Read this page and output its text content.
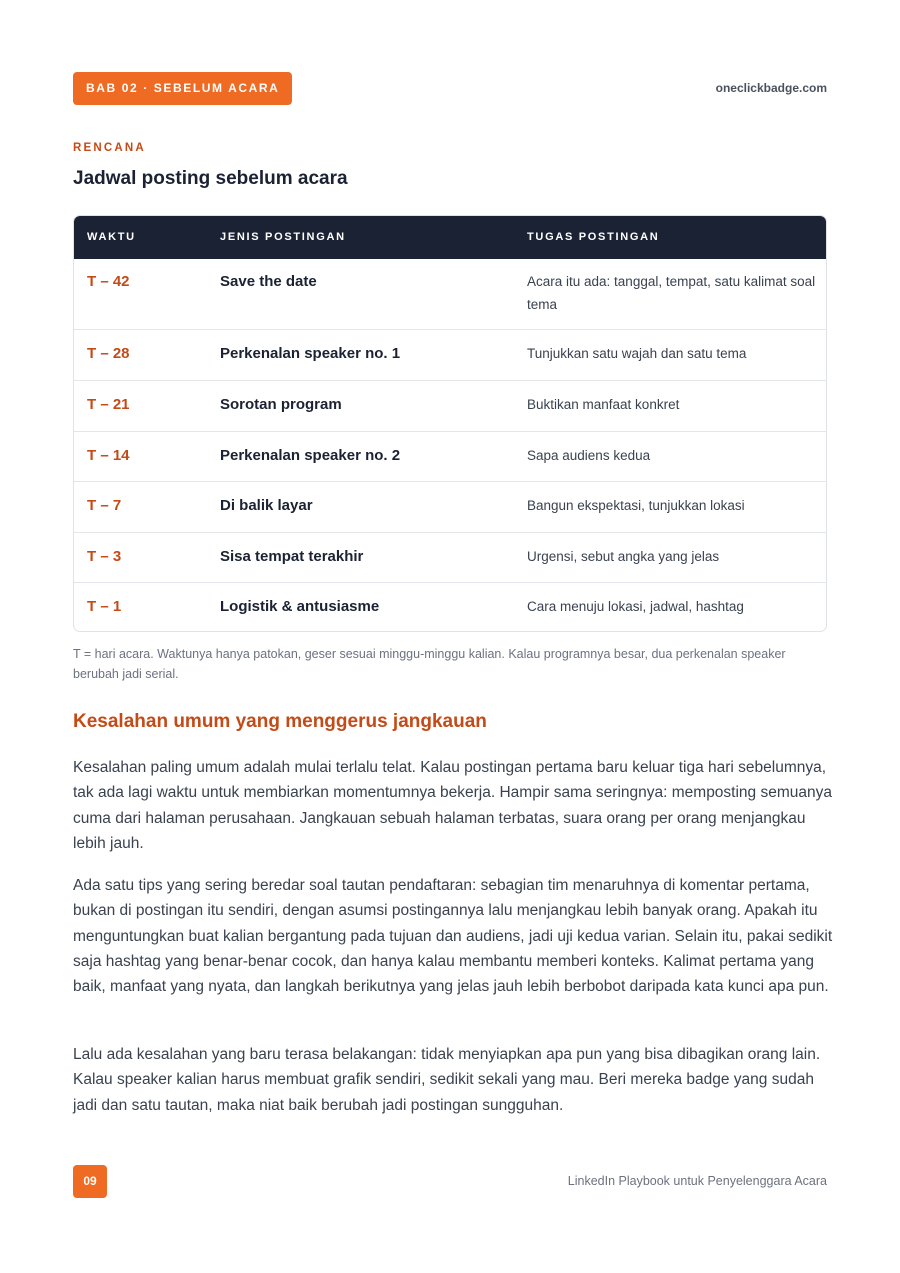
BAB 02 · SEBELUM ACARA	oneclickbadge.com
RENCANA
Jadwal posting sebelum acara
WAKTU	JENIS POSTINGAN	TUGAS POSTINGAN
T – 42	Save the date	Acara itu ada: tanggal, tempat, satu kalimat soal tema
T – 28	Perkenalan speaker no. 1	Tunjukkan satu wajah dan satu tema
T – 21	Sorotan program	Buktikan manfaat konkret
T – 14	Perkenalan speaker no. 2	Sapa audiens kedua
T – 7	Di balik layar	Bangun ekspektasi, tunjukkan lokasi
T – 3	Sisa tempat terakhir	Urgensi, sebut angka yang jelas
T – 1	Logistik & antusiasme	Cara menuju lokasi, jadwal, hashtag
T = hari acara. Waktunya hanya patokan, geser sesuai minggu-minggu kalian. Kalau programnya besar, dua perkenalan speaker berubah jadi serial.
Kesalahan umum yang menggerus jangkauan

Kesalahan paling umum adalah mulai terlalu telat. Kalau postingan pertama baru keluar tiga hari sebelumnya, tak ada lagi waktu untuk membiarkan momentumnya bekerja. Hampir sama seringnya: memposting semuanya cuma dari halaman perusahaan. Jangkauan sebuah halaman terbatas, suara orang per orang menjangkau lebih jauh.

Ada satu tips yang sering beredar soal tautan pendaftaran: sebagian tim menaruhnya di komentar pertama, bukan di postingan itu sendiri, dengan asumsi postingannya lalu menjangkau lebih banyak orang. Apakah itu menguntungkan buat kalian bergantung pada tujuan dan audiens, jadi uji kedua varian. Selain itu, pakai sedikit saja hashtag yang benar-benar cocok, dan hanya kalau membantu memberi konteks. Kalimat pertama yang baik, manfaat yang nyata, dan langkah berikutnya yang jelas jauh lebih berbobot daripada kata kunci apa pun.

Lalu ada kesalahan yang baru terasa belakangan: tidak menyiapkan apa pun yang bisa dibagikan orang lain. Kalau speaker kalian harus membuat grafik sendiri, sedikit sekali yang mau. Beri mereka badge yang sudah jadi dan satu tautan, maka niat baik berubah jadi postingan sungguhan.

09	LinkedIn Playbook untuk Penyelenggara Acara
